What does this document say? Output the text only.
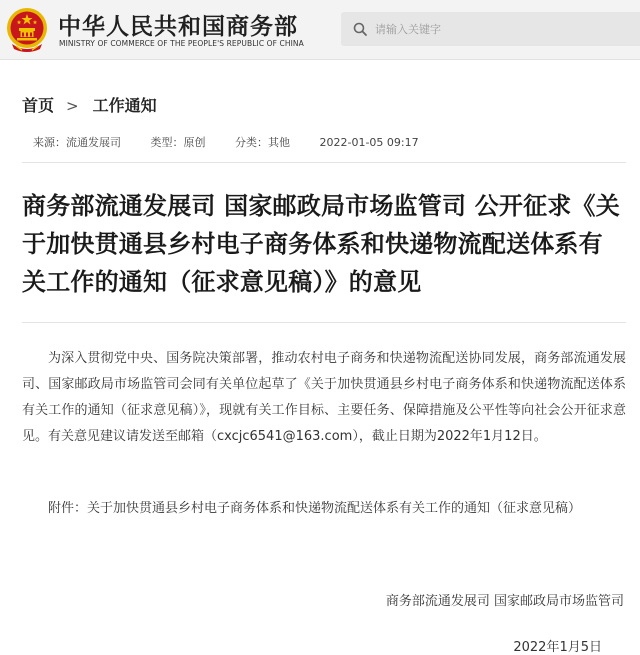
中华人民共和国商务部
MINISTRY OF COMMERCE OF THE PEOPLE'S REPUBLIC OF CHINA
请输入关键字
首页 > 工作通知
来源：流通发展司	类型：原创	分类：其他	2022-01-05 09:17
商务部流通发展司 国家邮政局市场监管司 公开征求《关于加快贯通县乡村电子商务体系和快递物流配送体系有关工作的通知（征求意见稿）》的意见

为深入贯彻党中央、国务院决策部署，推动农村电子商务和快递物流配送协同发展，商务部流通发展司、国家邮政局市场监管司会同有关单位起草了《关于加快贯通县乡村电子商务体系和快递物流配送体系有关工作的通知（征求意见稿）》，现就有关工作目标、主要任务、保障措施及公平性等向社会公开征求意见。有关意见建议请发送至邮箱（cxcjc6541@163.com），截止日期为2022年1月12日。

附件：关于加快贯通县乡村电子商务体系和快递物流配送体系有关工作的通知（征求意见稿）
商务部流通发展司 国家邮政局市场监管司
2022年1月5日
